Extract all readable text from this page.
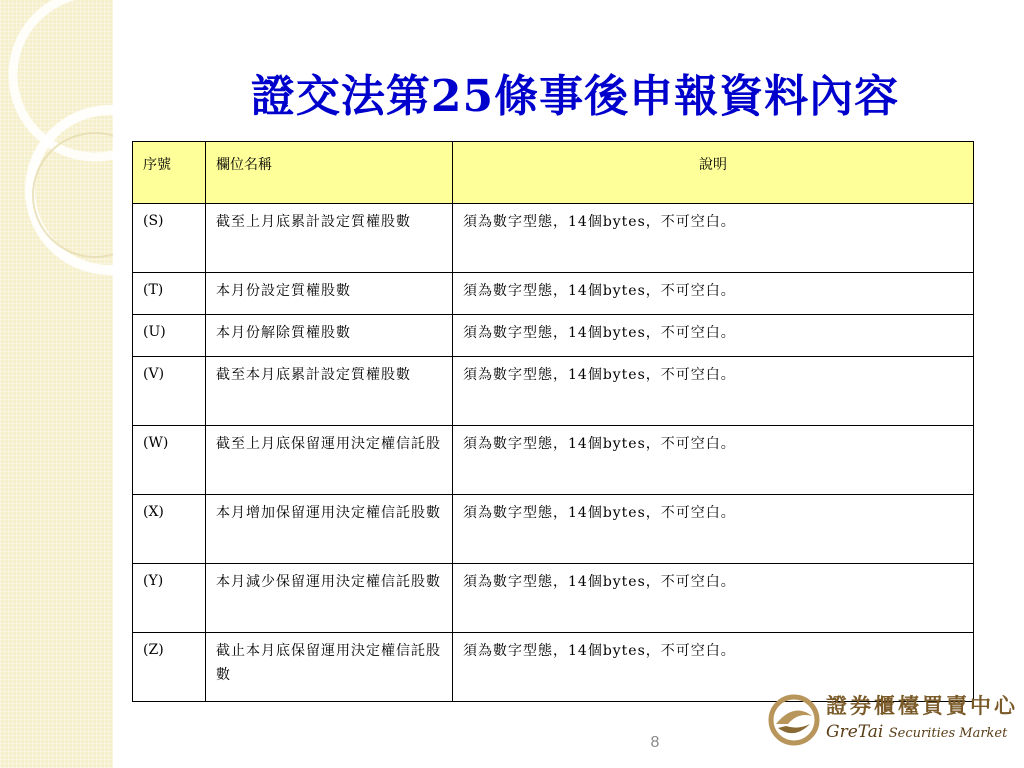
證交法第25條事後申報資料內容
序號	欄位名稱	說明
(S)	截至上月底累計設定質權股數	須為數字型態，14個bytes，不可空白。
(T)	本月份設定質權股數	須為數字型態，14個bytes，不可空白。
(U)	本月份解除質權股數	須為數字型態，14個bytes，不可空白。
(V)	截至本月底累計設定質權股數	須為數字型態，14個bytes，不可空白。
(W)	截至上月底保留運用決定權信託股	須為數字型態，14個bytes，不可空白。
(X)	本月增加保留運用決定權信託股數	須為數字型態，14個bytes，不可空白。
(Y)	本月減少保留運用決定權信託股數	須為數字型態，14個bytes，不可空白。
(Z)	截止本月底保留運用決定權信託股數	須為數字型態，14個bytes，不可空白。
8
證券櫃檯買賣中心
GreTai Securities Market
